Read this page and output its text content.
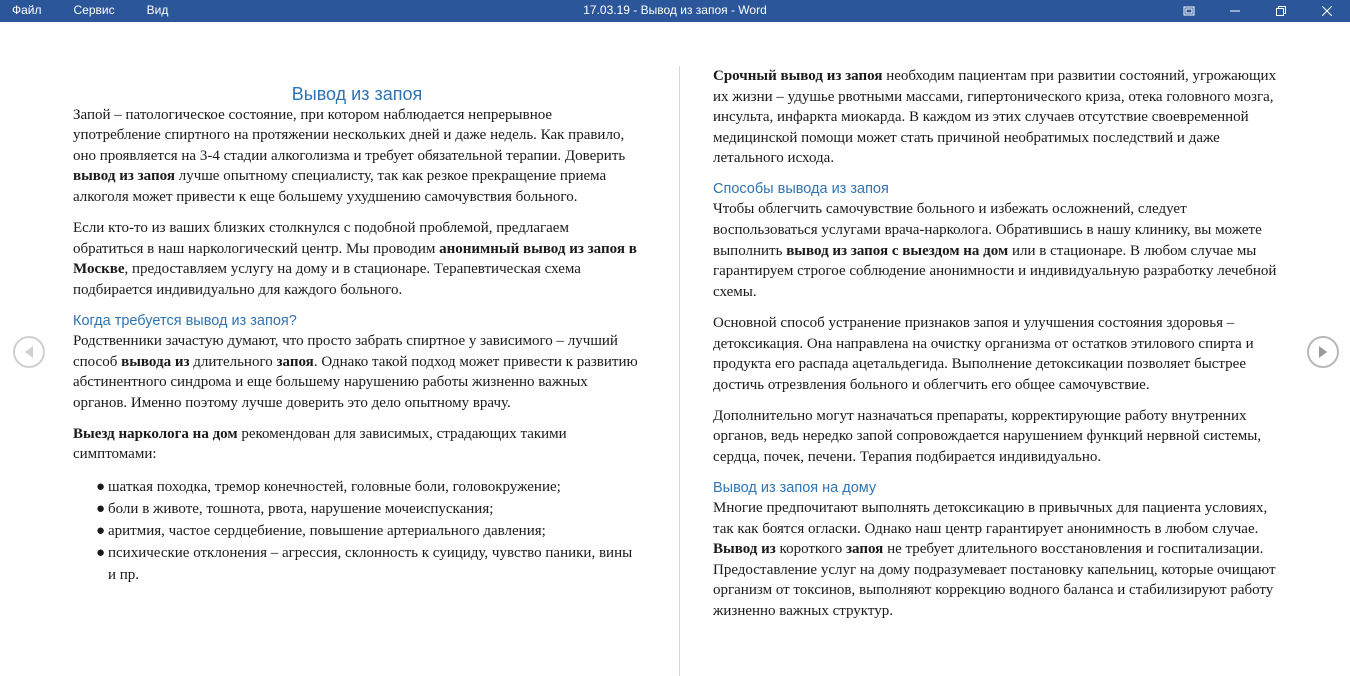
17.03.19 - Вывод из запоя - Word
Файл	Сервис	Вид
Вывод из запоя

Запой – патологическое состояние, при котором наблюдается непрерывное употребление спиртного на протяжении нескольких дней и даже недель. Как правило, оно проявляется на 3-4 стадии алкоголизма и требует обязательной терапии. Доверить вывод из запоя лучше опытному специалисту, так как резкое прекращение приема алкоголя может привести к еще большему ухудшению самочувствия больного.

Если кто-то из ваших близких столкнулся с подобной проблемой, предлагаем обратиться в наш наркологический центр. Мы проводим анонимный вывод из запоя в Москве, предоставляем услугу на дому и в стационаре. Терапевтическая схема подбирается индивидуально для каждого больного.

Когда требуется вывод из запоя?

Родственники зачастую думают, что просто забрать спиртное у зависимого – лучший способ вывода из длительного запоя. Однако такой подход может привести к развитию абстинентного синдрома и еще большему нарушению работы жизненно важных органов. Именно поэтому лучше доверить это дело опытному врачу.

Выезд нарколога на дом рекомендован для зависимых, страдающих такими симптомами:

● шаткая походка, тремор конечностей, головные боли, головокружение;
● боли в животе, тошнота, рвота, нарушение мочеиспускания;
● аритмия, частое сердцебиение, повышение артериального давления;
● психические отклонения – агрессия, склонность к суициду, чувство паники, вины и пр.

Срочный вывод из запоя необходим пациентам при развитии состояний, угрожающих их жизни – удушье рвотными массами, гипертонического криза, отека головного мозга, инсульта, инфаркта миокарда. В каждом из этих случаев отсутствие своевременной медицинской помощи может стать причиной необратимых последствий и даже летального исхода.

Способы вывода из запоя

Чтобы облегчить самочувствие больного и избежать осложнений, следует воспользоваться услугами врача-нарколога. Обратившись в нашу клинику, вы можете выполнить вывод из запоя с выездом на дом или в стационаре. В любом случае мы гарантируем строгое соблюдение анонимности и индивидуальную разработку лечебной схемы.

Основной способ устранение признаков запоя и улучшения состояния здоровья – детоксикация. Она направлена на очистку организма от остатков этилового спирта и продукта его распада ацетальдегида. Выполнение детоксикации позволяет быстрее достичь отрезвления больного и облегчить его общее самочувствие.

Дополнительно могут назначаться препараты, корректирующие работу внутренних органов, ведь нередко запой сопровождается нарушением функций нервной системы, сердца, почек, печени. Терапия подбирается индивидуально.

Вывод из запоя на дому

Многие предпочитают выполнять детоксикацию в привычных для пациента условиях, так как боятся огласки. Однако наш центр гарантирует анонимность в любом случае. Вывод из короткого запоя не требует длительного восстановления и госпитализации. Предоставление услуг на дому подразумевает постановку капельниц, которые очищают организм от токсинов, выполняют коррекцию водного баланса и стабилизируют работу жизненно важных структур.
